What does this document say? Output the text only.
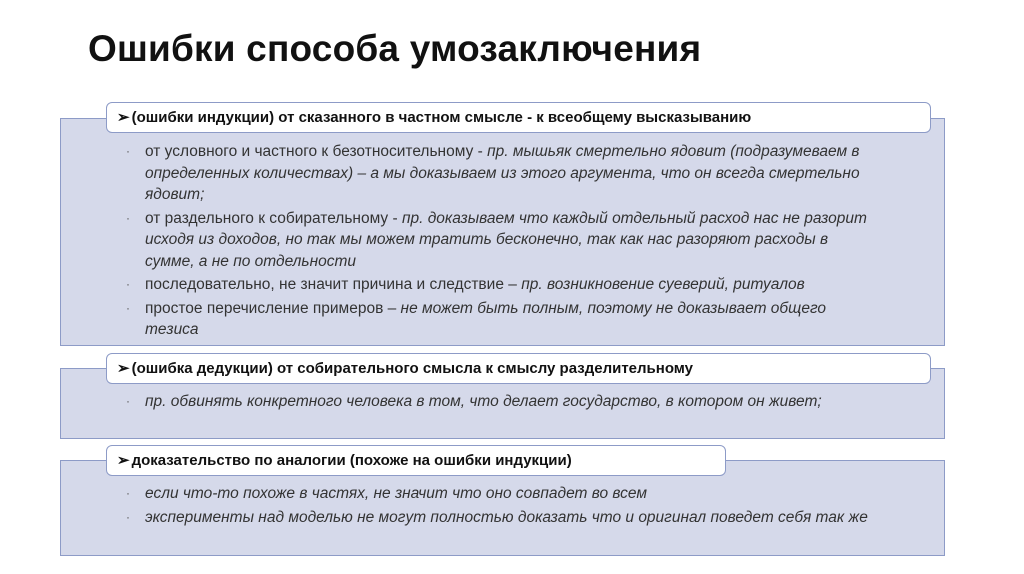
Ошибки способа умозаключения
➢ (ошибки индукции) от сказанного в частном смысле - к всеобщему высказыванию
· от условного и частного к безотносительному - пр. мышьяк смертельно ядовит (подразумеваем в определенных количествах) – а мы доказываем из этого аргумента, что он всегда смертельно ядовит;
· от раздельного к собирательному - пр. доказываем что каждый отдельный расход нас не разорит исходя из доходов, но так мы можем тратить бесконечно, так как нас разоряют расходы в сумме, а не по отдельности
· последовательно, не значит причина и следствие – пр. возникновение суеверий, ритуалов
· простое перечисление примеров – не может быть полным, поэтому не доказывает общего тезиса
➢ (ошибка дедукции) от собирательного смысла к смыслу разделительному
· пр. обвинять конкретного человека в том, что делает государство, в котором он живет;
➢ доказательство по аналогии (похоже на ошибки индукции)
· если что-то похоже в частях, не значит что оно совпадет во всем
· эксперименты над моделью не могут полностью доказать что и оригинал поведет себя так же
